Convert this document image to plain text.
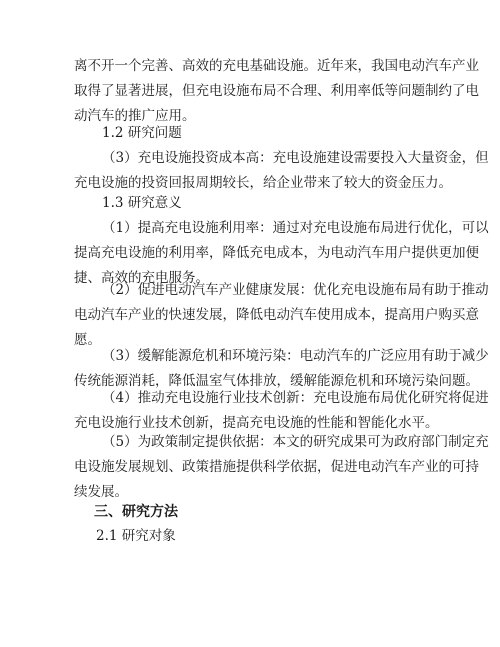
离不开一个完善、高效的充电基础设施。近年来，我国电动汽车产业
取得了显著进展，但充电设施布局不合理、利用率低等问题制约了电
动汽车的推广应用。
1.2 研究问题
（3）充电设施投资成本高：充电设施建设需要投入大量资金，但
充电设施的投资回报周期较长，给企业带来了较大的资金压力。
1.3 研究意义
（1）提高充电设施利用率：通过对充电设施布局进行优化，可以
提高充电设施的利用率，降低充电成本，为电动汽车用户提供更加便
捷、高效的充电服务。
（2）促进电动汽车产业健康发展：优化充电设施布局有助于推动
电动汽车产业的快速发展，降低电动汽车使用成本，提高用户购买意
愿。
（3）缓解能源危机和环境污染：电动汽车的广泛应用有助于减少
传统能源消耗，降低温室气体排放，缓解能源危机和环境污染问题。
（4）推动充电设施行业技术创新：充电设施布局优化研究将促进
充电设施行业技术创新，提高充电设施的性能和智能化水平。
（5）为政策制定提供依据：本文的研究成果可为政府部门制定充
电设施发展规划、政策措施提供科学依据，促进电动汽车产业的可持
续发展。
三、研究方法
2.1 研究对象
